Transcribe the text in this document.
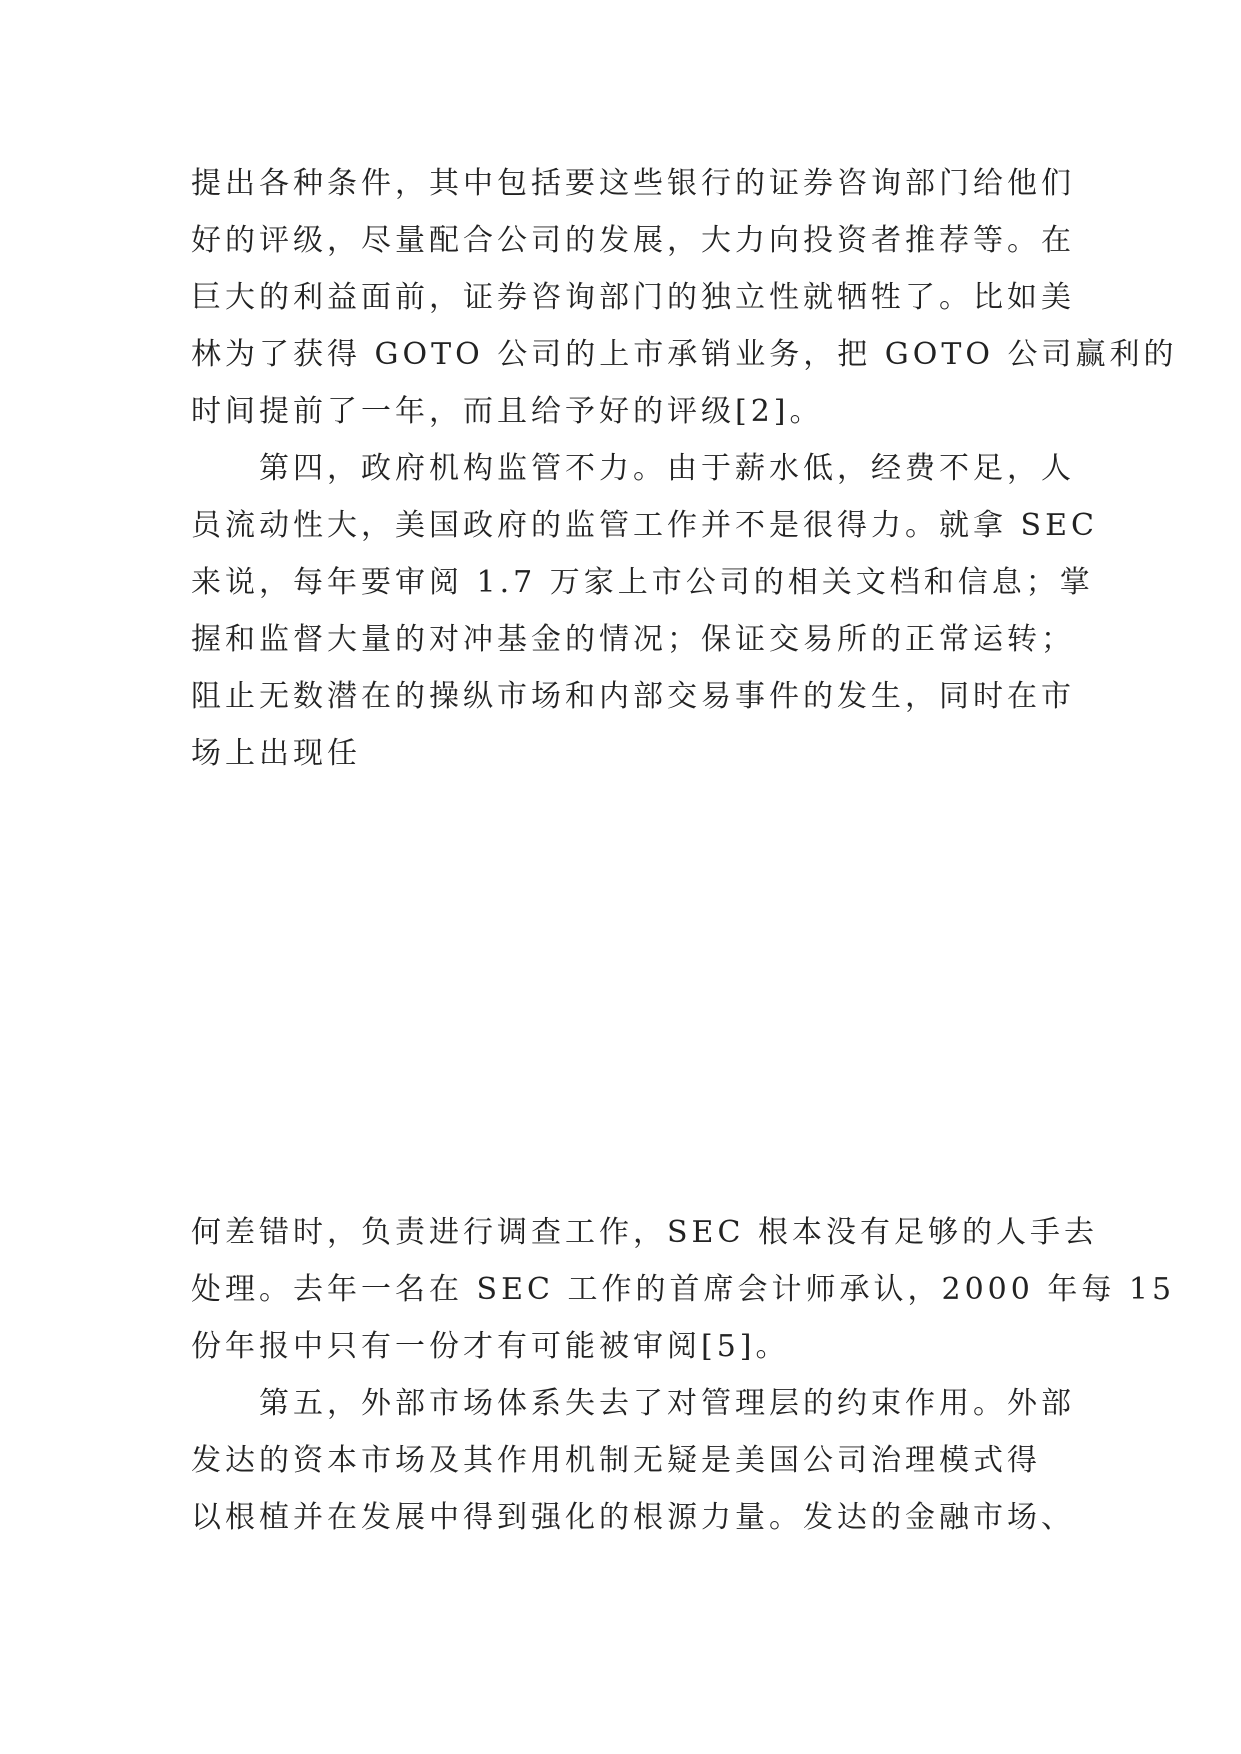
提出各种条件，其中包括要这些银行的证券咨询部门给他们
好的评级，尽量配合公司的发展，大力向投资者推荐等。在
巨大的利益面前，证券咨询部门的独立性就牺牲了。比如美
林为了获得 GOTO 公司的上市承销业务，把 GOTO 公司赢利的
时间提前了一年，而且给予好的评级[2]。
　　第四，政府机构监管不力。由于薪水低，经费不足，人
员流动性大，美国政府的监管工作并不是很得力。就拿 SEC
来说，每年要审阅 1.7 万家上市公司的相关文档和信息；掌
握和监督大量的对冲基金的情况；保证交易所的正常运转；
阻止无数潜在的操纵市场和内部交易事件的发生，同时在市
场上出现任
何差错时，负责进行调查工作，SEC 根本没有足够的人手去
处理。去年一名在 SEC 工作的首席会计师承认，2000 年每 15
份年报中只有一份才有可能被审阅[5]。
　　第五，外部市场体系失去了对管理层的约束作用。外部
发达的资本市场及其作用机制无疑是美国公司治理模式得
以根植并在发展中得到强化的根源力量。发达的金融市场、
